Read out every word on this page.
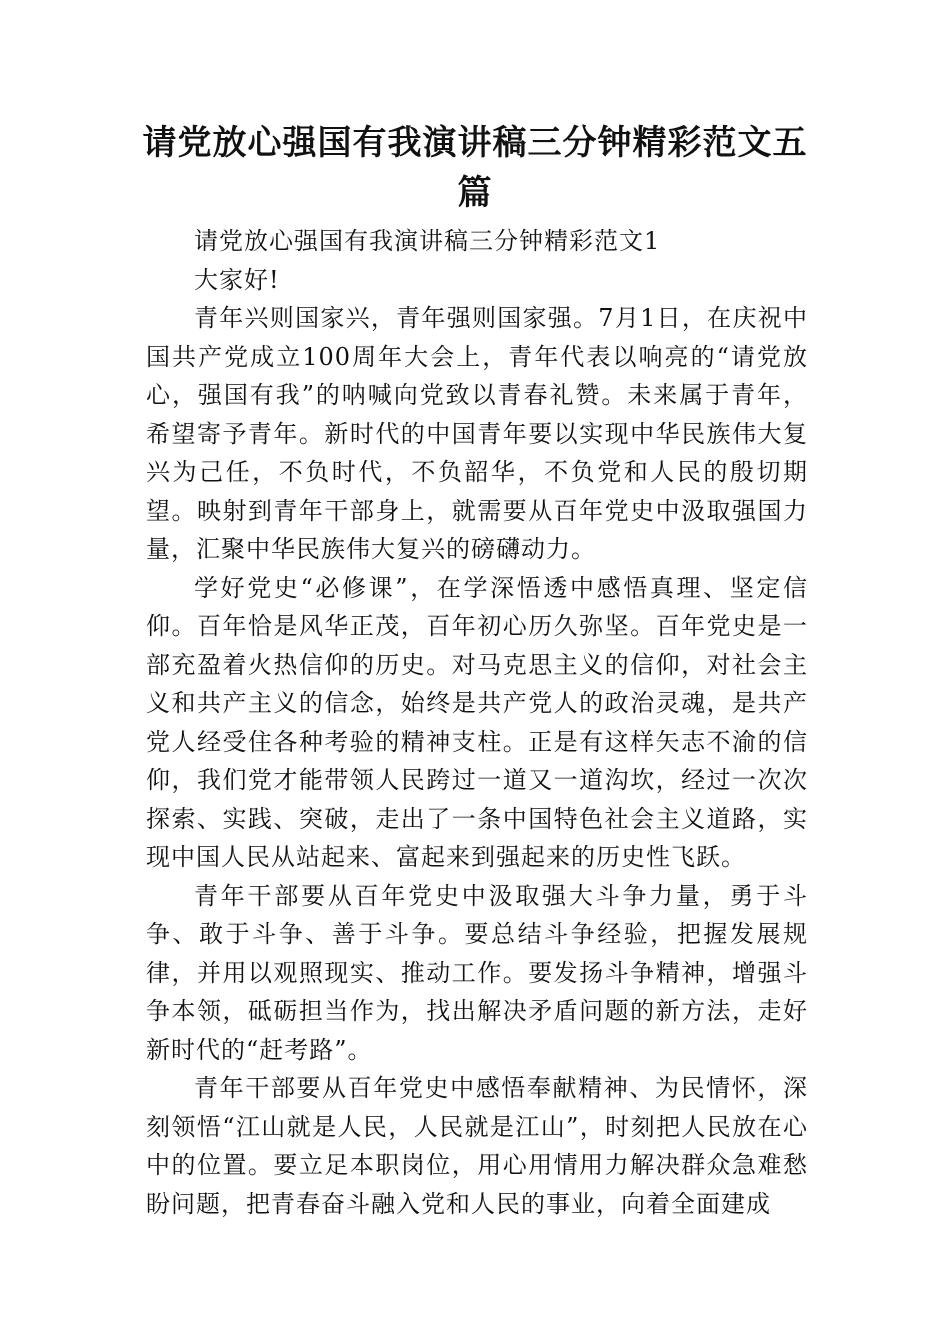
请党放心强国有我演讲稿三分钟精彩范文五篇

请党放心强国有我演讲稿三分钟精彩范文1

大家好!

青年兴则国家兴，青年强则国家强。7月1日，在庆祝中国共产党成立100周年大会上，青年代表以响亮的“请党放心，强国有我”的呐喊向党致以青春礼赞。未来属于青年，希望寄予青年。新时代的中国青年要以实现中华民族伟大复兴为己任，不负时代，不负韶华，不负党和人民的殷切期望。映射到青年干部身上，就需要从百年党史中汲取强国力量，汇聚中华民族伟大复兴的磅礴动力。

学好党史“必修课”，在学深悟透中感悟真理、坚定信仰。百年恰是风华正茂，百年初心历久弥坚。百年党史是一部充盈着火热信仰的历史。对马克思主义的信仰，对社会主义和共产主义的信念，始终是共产党人的政治灵魂，是共产党人经受住各种考验的精神支柱。正是有这样矢志不渝的信仰，我们党才能带领人民跨过一道又一道沟坎，经过一次次探索、实践、突破，走出了一条中国特色社会主义道路，实现中国人民从站起来、富起来到强起来的历史性飞跃。

青年干部要从百年党史中汲取强大斗争力量，勇于斗争、敢于斗争、善于斗争。要总结斗争经验，把握发展规律，并用以观照现实、推动工作。要发扬斗争精神，增强斗争本领，砥砺担当作为，找出解决矛盾问题的新方法，走好新时代的“赶考路”。

青年干部要从百年党史中感悟奉献精神、为民情怀，深刻领悟“江山就是人民，人民就是江山”，时刻把人民放在心中的位置。要立足本职岗位，用心用情用力解决群众急难愁盼问题，把青春奋斗融入党和人民的事业，向着全面建成
